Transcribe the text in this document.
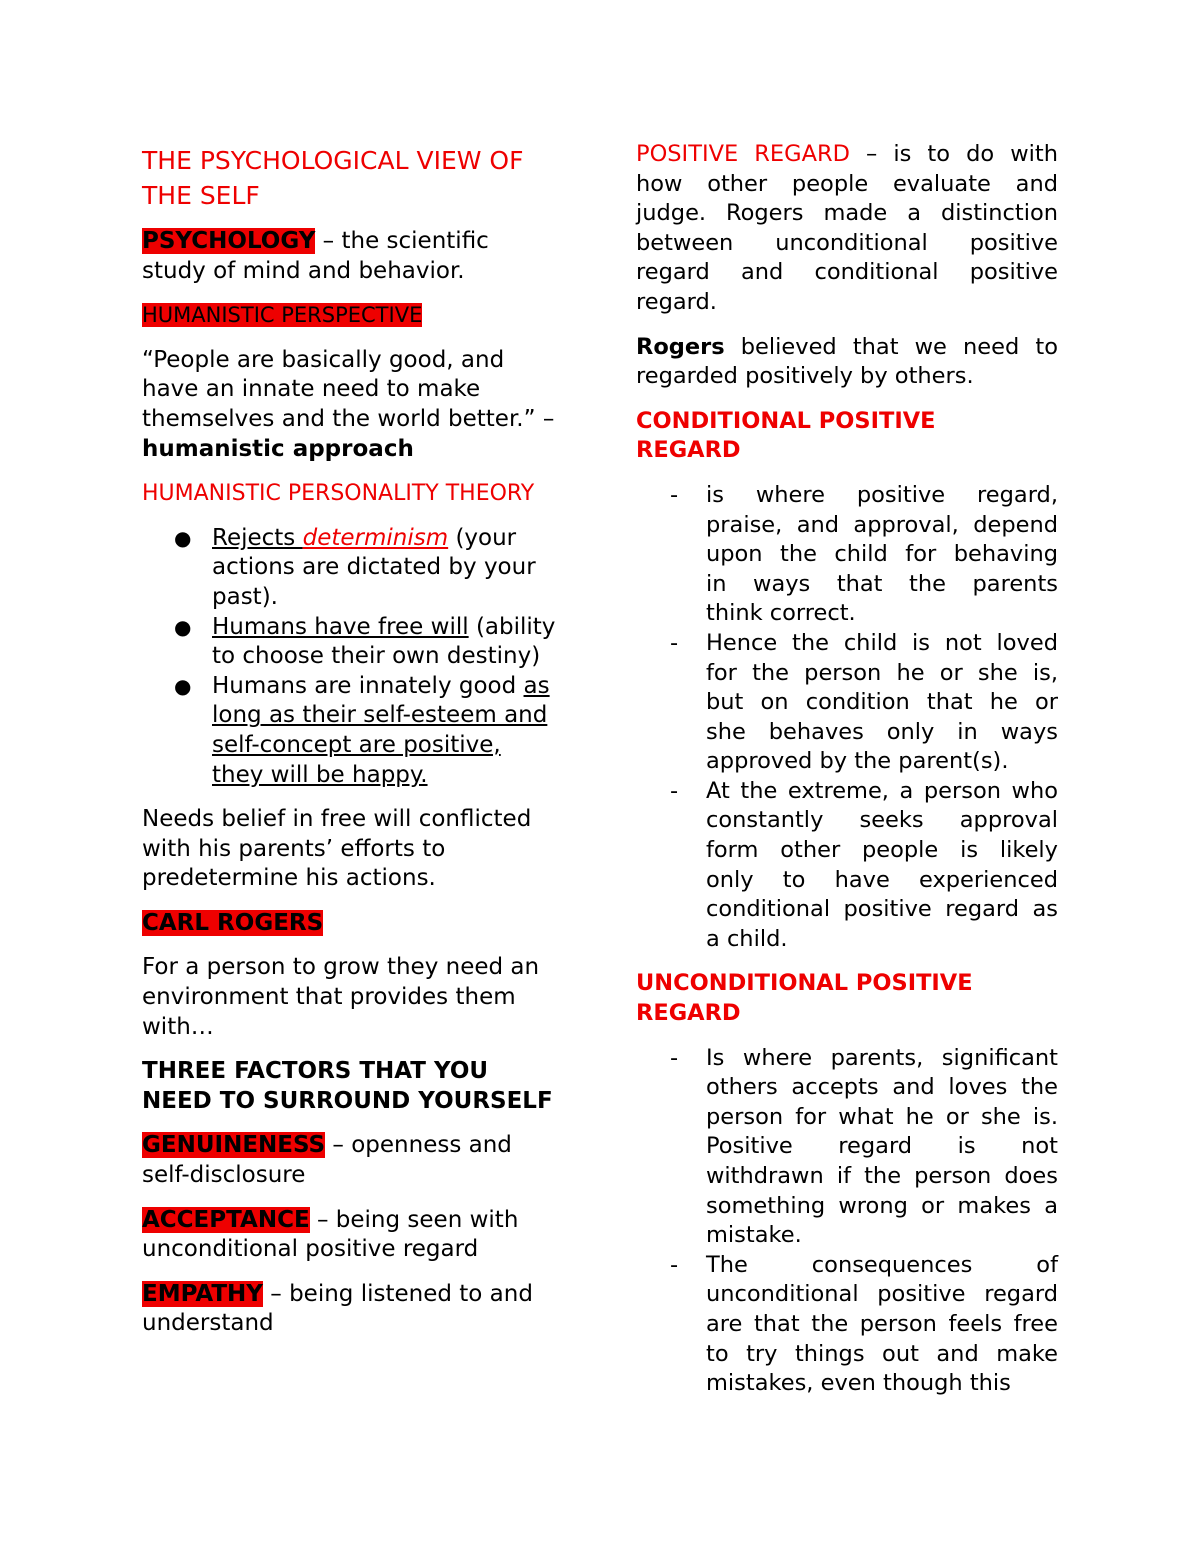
THE PSYCHOLOGICAL VIEW OF
THE SELF

PSYCHOLOGY – the scientific
study of mind and behavior.

HUMANISTIC PERSPECTIVE

“People are basically good, and
have an innate need to make
themselves and the world better.” –
humanistic approach

HUMANISTIC PERSONALITY THEORY

● Rejects determinism (your
actions are dictated by your
past).
● Humans have free will (ability
to choose their own destiny)
● Humans are innately good as
long as their self-esteem and
self-concept are positive,
they will be happy.

Needs belief in free will conflicted
with his parents’ efforts to
predetermine his actions.

CARL ROGERS

For a person to grow they need an
environment that provides them
with…

THREE FACTORS THAT YOU
NEED TO SURROUND YOURSELF

GENUINENESS – openness and
self-disclosure

ACCEPTANCE – being seen with
unconditional positive regard

EMPATHY – being listened to and
understand

POSITIVE REGARD – is to do with
how other people evaluate and
judge. Rogers made a distinction
between unconditional positive
regard and conditional positive
regard.

Rogers believed that we need to
regarded positively by others.

CONDITIONAL POSITIVE
REGARD

- is where positive regard,
praise, and approval, depend
upon the child for behaving
in ways that the parents
think correct.
- Hence the child is not loved
for the person he or she is,
but on condition that he or
she behaves only in ways
approved by the parent(s).
- At the extreme, a person who
constantly seeks approval
form other people is likely
only to have experienced
conditional positive regard as
a child.

UNCONDITIONAL POSITIVE
REGARD

- Is where parents, significant
others accepts and loves the
person for what he or she is.
Positive regard is not
withdrawn if the person does
something wrong or makes a
mistake.
- The consequences of
unconditional positive regard
are that the person feels free
to try things out and make
mistakes, even though this
